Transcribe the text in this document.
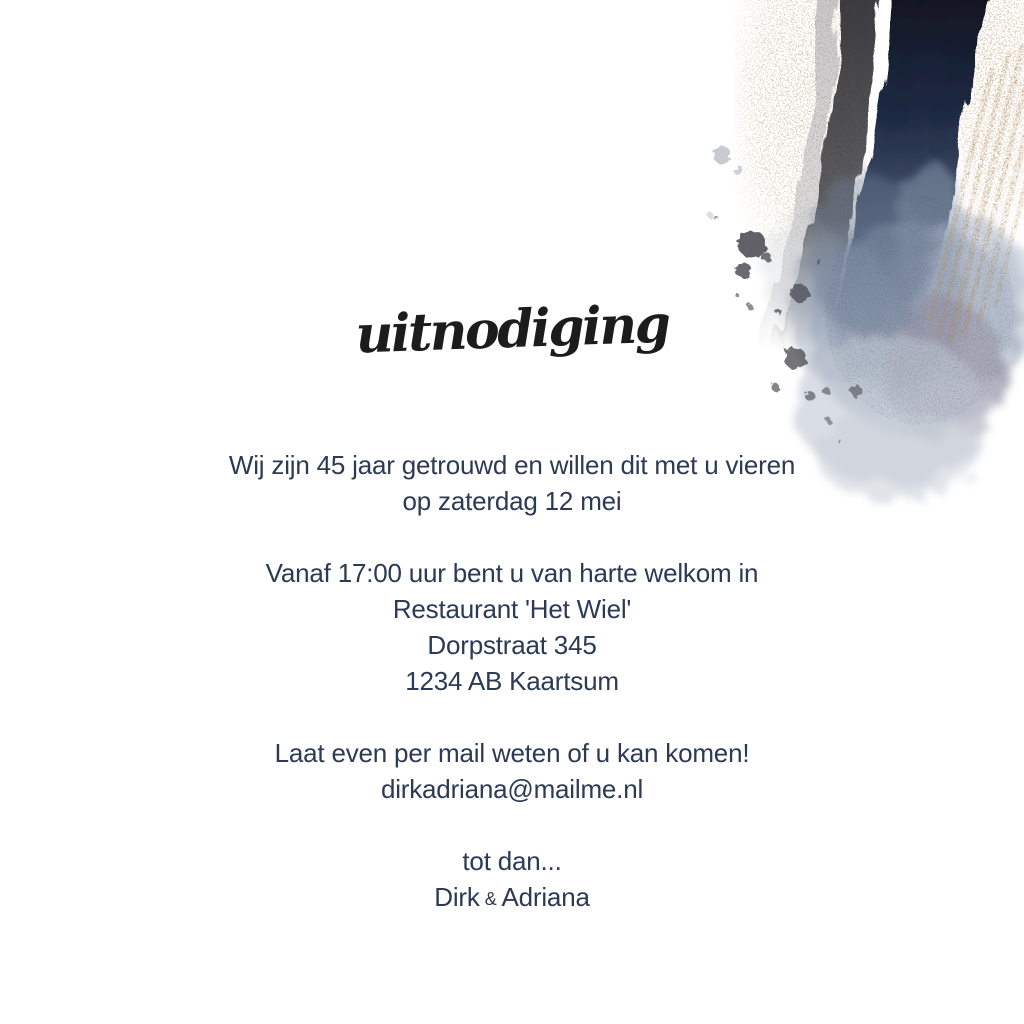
uitnodiging

Wij zijn 45 jaar getrouwd en willen dit met u vieren
op zaterdag 12 mei

Vanaf 17:00 uur bent u van harte welkom in
Restaurant 'Het Wiel'
Dorpstraat 345
1234 AB Kaartsum

Laat even per mail weten of u kan komen!
dirkadriana@mailme.nl

tot dan...
Dirk & Adriana
